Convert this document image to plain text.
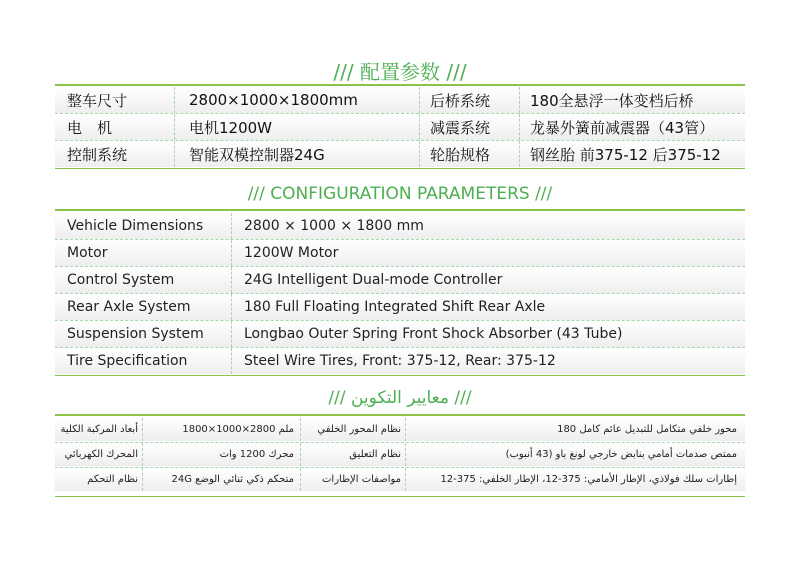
/// 配置参数 ///
整车尺寸	2800×1000×1800mm	后桥系统	180全悬浮一体变档后桥
电　机	电机1200W	减震系统	龙暴外簧前减震器（43管）
控制系统	智能双模控制器24G	轮胎规格	钢丝胎 前375-12 后375-12
/// CONFIGURATION PARAMETERS ///
Vehicle Dimensions	2800 × 1000 × 1800 mm
Motor	1200W Motor
Control System	24G Intelligent Dual-mode Controller
Rear Axle System	180 Full Floating Integrated Shift Rear Axle
Suspension System	Longbao Outer Spring Front Shock Absorber (43 Tube)
Tire Specification	Steel Wire Tires, Front: 375-12, Rear: 375-12
/// معايير التكوين ///
أبعاد المركبة الكلية	ملم 2800×1000×1800	نظام المحور الخلفي	محور خلفي متكامل للتبديل عائم كامل 180
المحرك الكهربائي	محرك 1200 وات	نظام التعليق	ممتص صدمات أمامي بنابض خارجي لونغ باو (43 أنبوب)
نظام التحكم	متحكم ذكي ثنائي الوضع 24G	مواصفات الإطارات	إطارات سلك فولاذي، الإطار الأمامي: 375-12، الإطار الخلفي: 375-12
